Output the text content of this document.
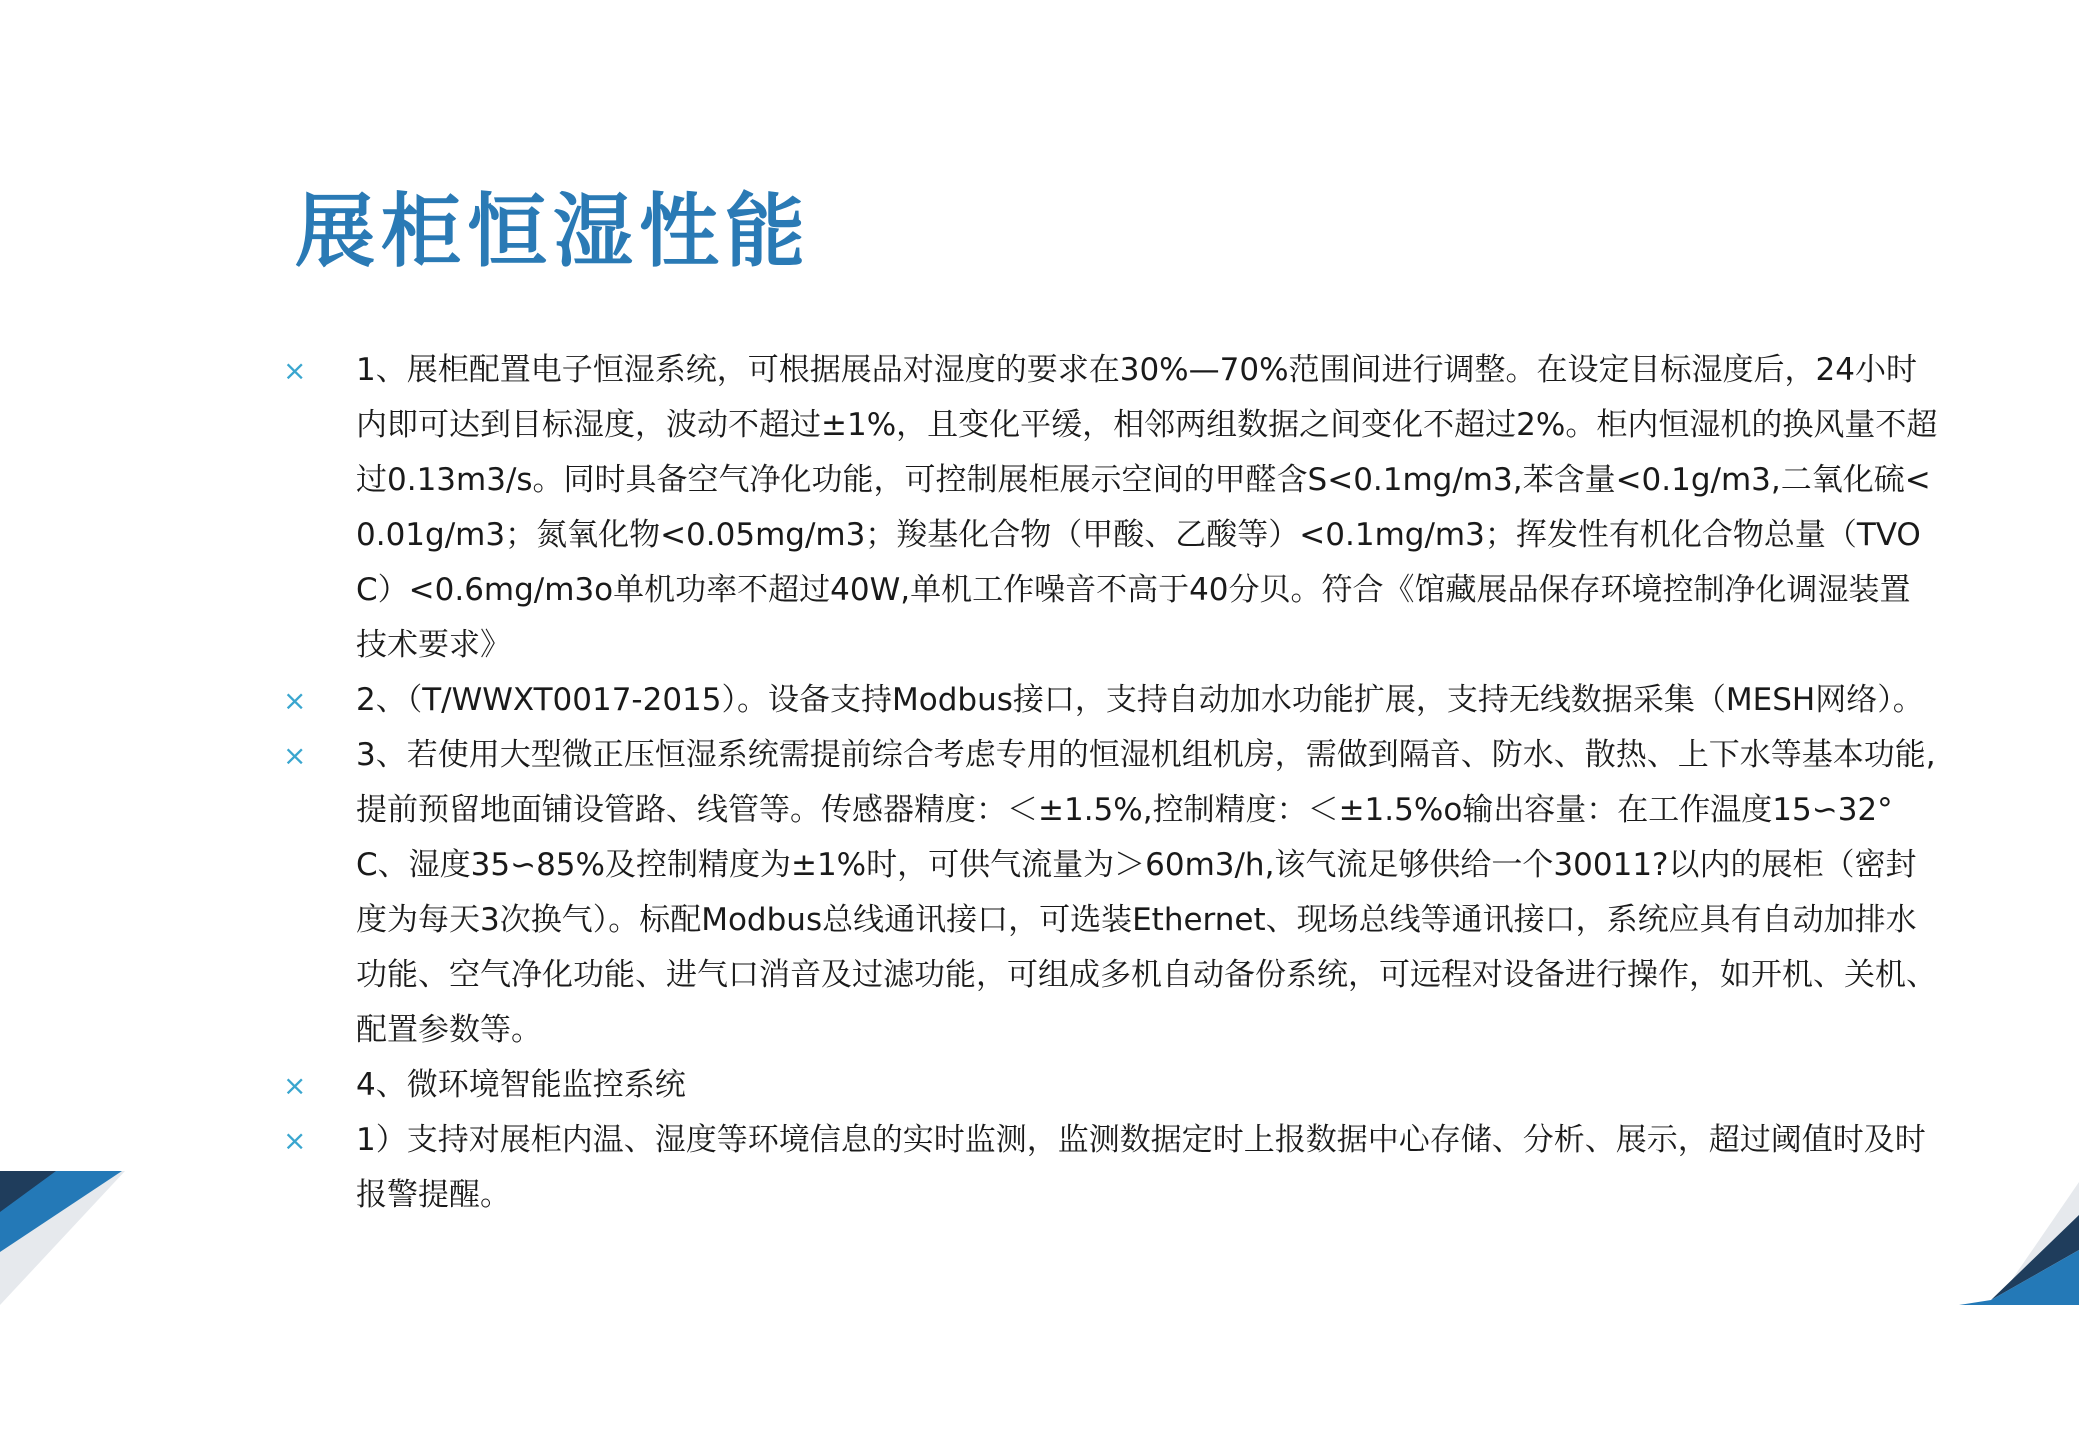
展柜恒湿性能
× 1、展柜配置电子恒湿系统，可根据展品对湿度的要求在30%—70%范围间进行调整。在设定目标湿度后，24小时内即可达到目标湿度，波动不超过±1%，且变化平缓，相邻两组数据之间变化不超过2%。柜内恒湿机的换风量不超过0.13m3/s。同时具备空气净化功能，可控制展柜展示空间的甲醛含S<0.1mg/m3,苯含量<0.1g/m3,二氧化硫<0.01g/m3；氮氧化物<0.05mg/m3；羧基化合物（甲酸、乙酸等）<0.1mg/m3；挥发性有机化合物总量（TVOC）<0.6mg/m3o单机功率不超过40W,单机工作噪音不高于40分贝。符合《馆藏展品保存环境控制净化调湿装置技术要求》
× 2、（T/WWXT0017-2015）。设备支持Modbus接口，支持自动加水功能扩展，支持无线数据采集（MESH网络）。
× 3、若使用大型微正压恒湿系统需提前综合考虑专用的恒湿机组机房，需做到隔音、防水、散热、上下水等基本功能,提前预留地面铺设管路、线管等。传感器精度：＜±1.5%,控制精度：＜±1.5%o输出容量：在工作温度15∽32°C、湿度35∽85%及控制精度为±1%时，可供气流量为＞60m3/h,该气流足够供给一个30011?以内的展柜（密封度为每天3次换气）。标配Modbus总线通讯接口，可选装Ethernet、现场总线等通讯接口，系统应具有自动加排水功能、空气净化功能、进气口消音及过滤功能，可组成多机自动备份系统，可远程对设备进行操作，如开机、关机、配置参数等。
× 4、微环境智能监控系统
× 1）支持对展柜内温、湿度等环境信息的实时监测，监测数据定时上报数据中心存储、分析、展示，超过阈值时及时报警提醒。
